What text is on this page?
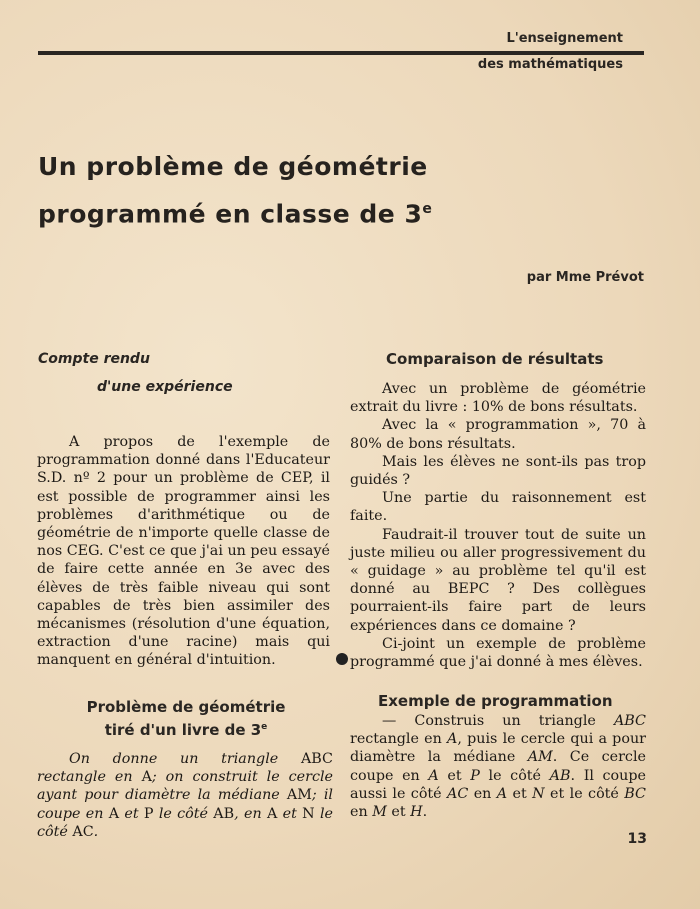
L'enseignement
des mathématiques
Un problème de géométrie
programmé en classe de 3e
par Mme Prévot
Compte rendu
d'une expérience

A propos de l'exemple de programmation donné dans l'Educateur S.D. nº 2 pour un problème de CEP, il est possible de programmer ainsi les problèmes d'arithmétique ou de géométrie de n'importe quelle classe de nos CEG. C'est ce que j'ai un peu essayé de faire cette année en 3e avec des élèves de très faible niveau qui sont capables de très bien assimiler des mécanismes (résolution d'une équation, extraction d'une racine) mais qui manquent en général d'intuition.

Comparaison de résultats

Avec un problème de géométrie extrait du livre : 10% de bons résultats.

Avec la « programmation », 70 à 80% de bons résultats.

Mais les élèves ne sont-ils pas trop guidés ?

Une partie du raisonnement est faite.

Faudrait-il trouver tout de suite un juste milieu ou aller progressivement du « guidage » au problème tel qu'il est donné au BEPC ? Des collègues pourraient-ils faire part de leurs expériences dans ce domaine ?

Ci-joint un exemple de problème programmé que j'ai donné à mes élèves.

Problème de géométrie
tiré d'un livre de 3e

On donne un triangle ABC rectangle en A; on construit le cercle ayant pour diamètre la médiane AM; il coupe en A et P le côté AB, en A et N le côté AC.

Exemple de programmation

— Construis un triangle ABC rectangle en A, puis le cercle qui a pour diamètre la médiane AM. Ce cercle coupe en A et P le côté AB. Il coupe aussi le côté AC en A et N et le côté BC en M et H.

13
